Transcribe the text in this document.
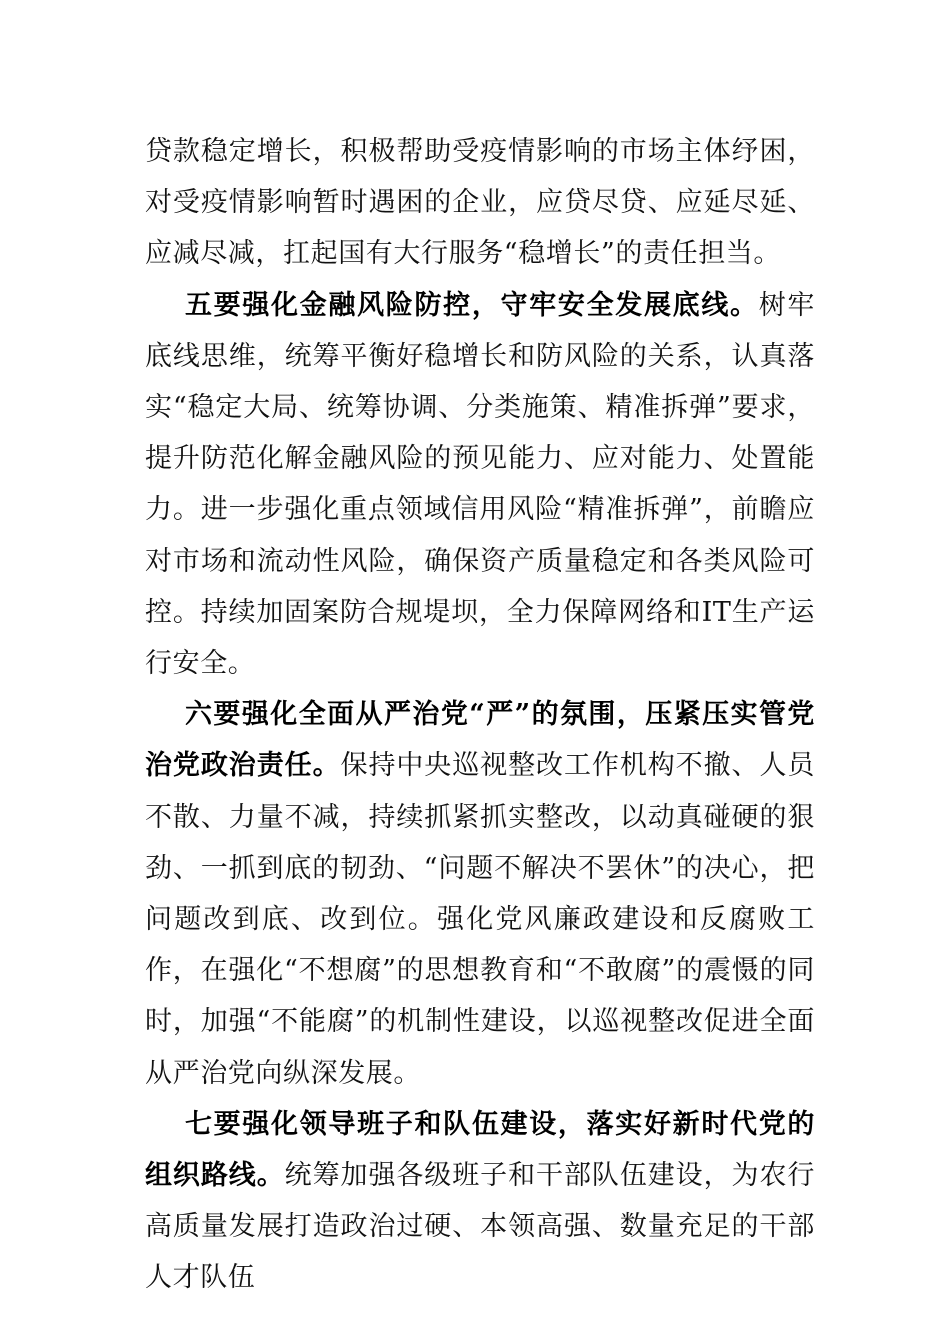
贷款稳定增长，积极帮助受疫情影响的市场主体纾困，对受疫情影响暂时遇困的企业，应贷尽贷、应延尽延、应减尽减，扛起国有大行服务“稳增长”的责任担当。

五要强化金融风险防控，守牢安全发展底线。树牢底线思维，统筹平衡好稳增长和防风险的关系，认真落实“稳定大局、统筹协调、分类施策、精准拆弹”要求，提升防范化解金融风险的预见能力、应对能力、处置能力。进一步强化重点领域信用风险“精准拆弹”，前瞻应对市场和流动性风险，确保资产质量稳定和各类风险可控。持续加固案防合规堤坝，全力保障网络和IT生产运行安全。

六要强化全面从严治党“严”的氛围，压紧压实管党治党政治责任。保持中央巡视整改工作机构不撤、人员不散、力量不减，持续抓紧抓实整改，以动真碰硬的狠劲、一抓到底的韧劲、“问题不解决不罢休”的决心，把问题改到底、改到位。强化党风廉政建设和反腐败工作，在强化“不想腐”的思想教育和“不敢腐”的震慑的同时，加强“不能腐”的机制性建设，以巡视整改促进全面从严治党向纵深发展。

七要强化领导班子和队伍建设，落实好新时代党的组织路线。统筹加强各级班子和干部队伍建设，为农行高质量发展打造政治过硬、本领高强、数量充足的干部人才队伍
